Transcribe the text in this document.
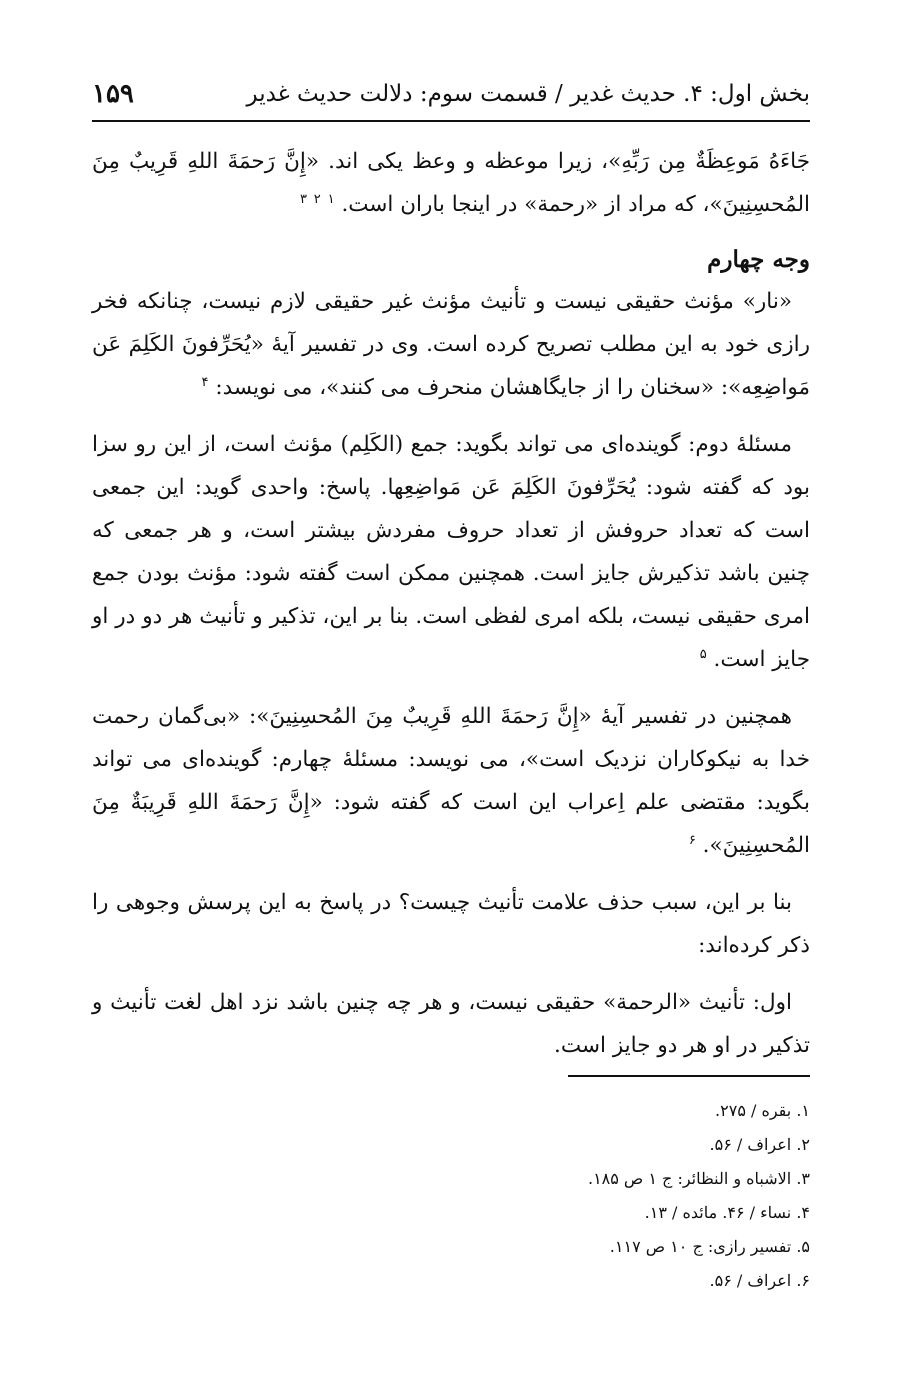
۱۵۹	بخش اول: ۴. حدیث غدیر / قسمت سوم: دلالت حدیث غدیر

جَاءَهُ مَوعِظَةٌ مِن رَبِّهِ»، زیرا موعظه و وعظ یکی اند. «إِنَّ رَحمَةَ اللهِ قَرِیبٌ مِنَ المُحسِنِینَ»، که مراد از «رحمة» در اینجا باران است. $^۱$ $^۲$ $^۳$

وجه چهارم

«نار» مؤنث حقیقی نیست و تأنیث مؤنث غیر حقیقی لازم نیست، چنانکه فخر رازی خود به این مطلب تصریح کرده است. وی در تفسیر آیهٔ «یُحَرِّفونَ الکَلِمَ عَن مَواضِعِه»: «سخنان را از جایگاهشان منحرف می کنند»، می نویسد: $^۴$

مسئلهٔ دوم: گوینده‌ای می تواند بگوید: جمع (الکَلِم) مؤنث است، از این رو سزا بود که گفته شود: یُحَرِّفونَ الکَلِمَ عَن مَواضِعِها. پاسخ: واحدی گوید: این جمعی است که تعداد حروفش از تعداد حروف مفردش بیشتر است، و هر جمعی که چنین باشد تذکیرش جایز است. همچنین ممکن است گفته شود: مؤنث بودن جمع امری حقیقی نیست، بلکه امری لفظی است. بنا بر این، تذکیر و تأنیث هر دو در او جایز است. $^۵$

همچنین در تفسیر آیهٔ «إِنَّ رَحمَةَ اللهِ قَرِیبٌ مِنَ المُحسِنِینَ»: «بی‌گمان رحمت خدا به نیکوکاران نزدیک است»، می نویسد: مسئلهٔ چهارم: گوینده‌ای می تواند بگوید: مقتضی علم اِعراب این است که گفته شود: «إِنَّ رَحمَةَ اللهِ قَرِیبَةٌ مِنَ المُحسِنِینَ». $^۶$

بنا بر این، سبب حذف علامت تأنیث چیست؟ در پاسخ به این پرسش وجوهی را ذکر کرده‌اند:

اول: تأنیث «الرحمة» حقیقی نیست، و هر چه چنین باشد نزد اهل لغت تأنیث و تذکیر در او هر دو جایز است.

۱. بقره / ۲۷۵.
۲. اعراف / ۵۶.
۳. الاشباه و النظائر: ج ۱ ص ۱۸۵.
۴. نساء / ۴۶. مائده / ۱۳.
۵. تفسیر رازی: ج ۱۰ ص ۱۱۷.
۶. اعراف / ۵۶.
